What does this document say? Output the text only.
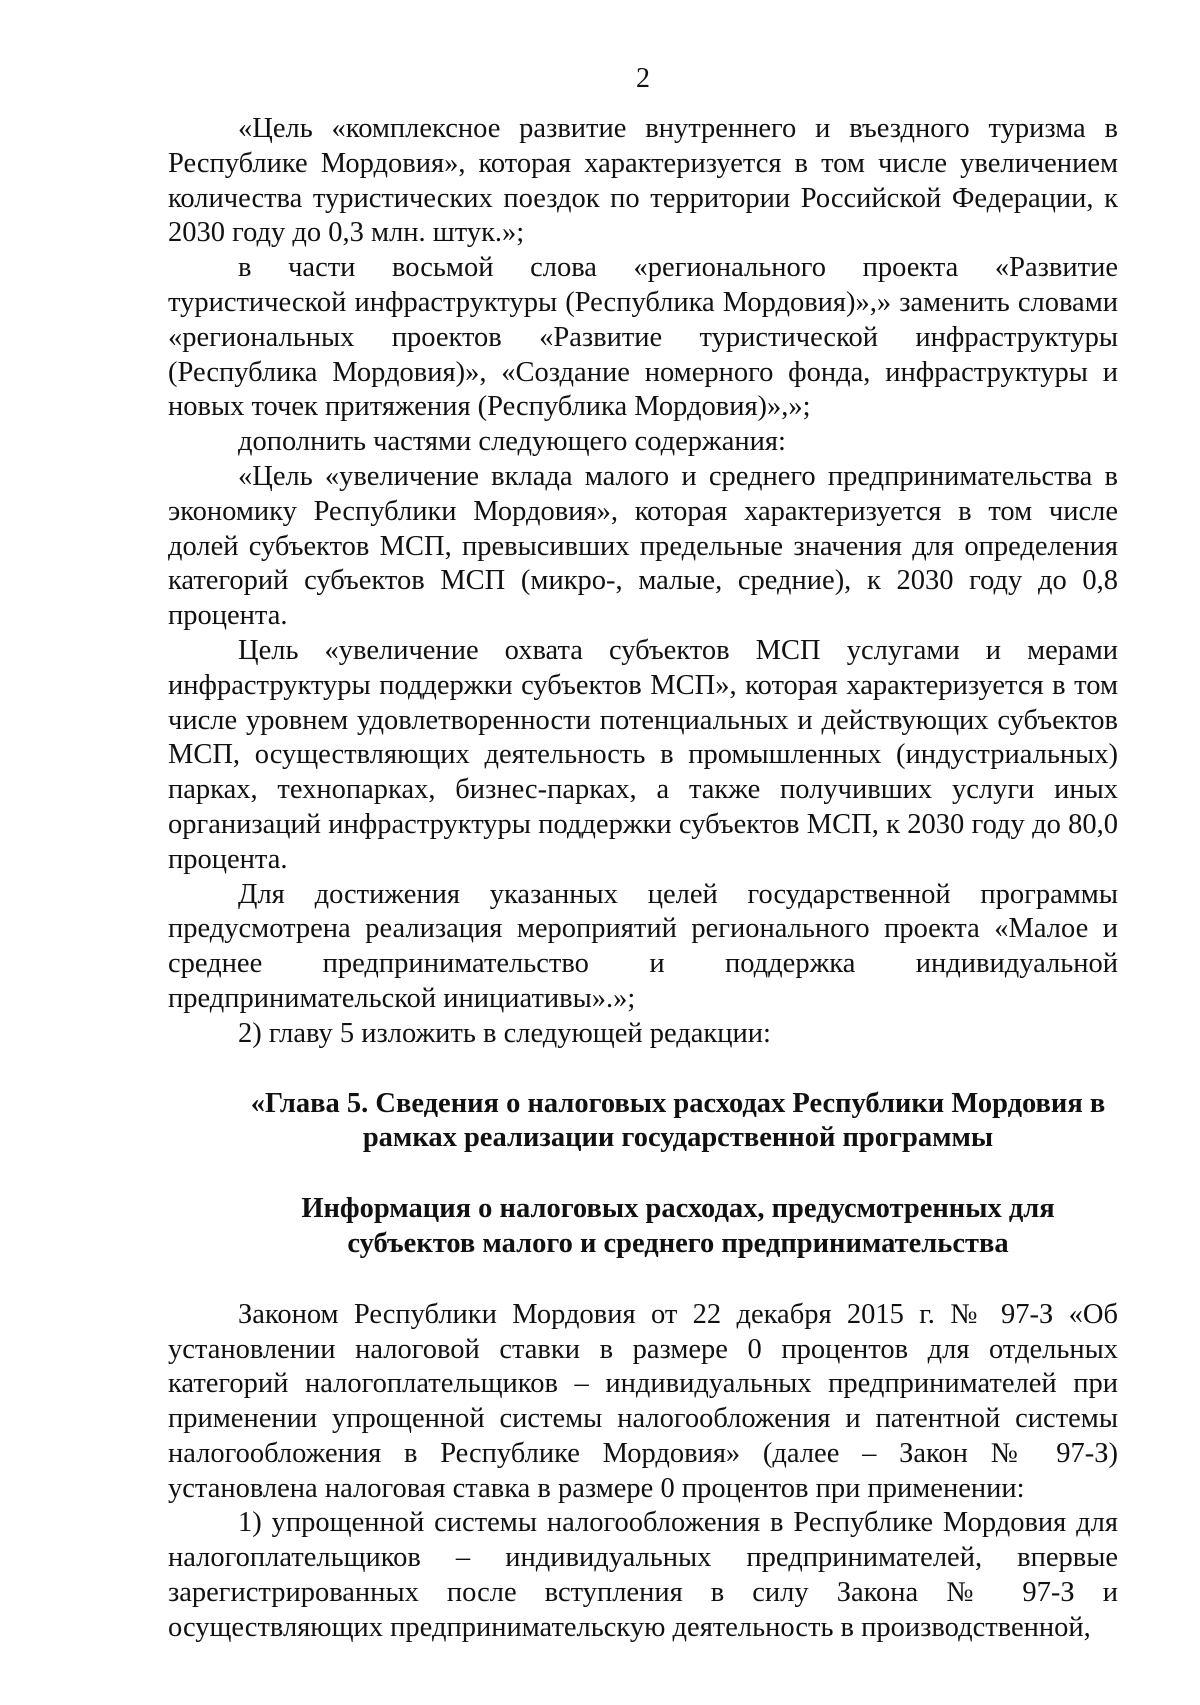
2

«Цель «комплексное развитие внутреннего и въездного туризма в Республике Мордовия», которая характеризуется в том числе увеличением количества туристических поездок по территории Российской Федерации, к 2030 году до 0,3 млн. штук.»;

в части восьмой слова «регионального проекта «Развитие туристической инфраструктуры (Республика Мордовия)»,» заменить словами «региональных проектов «Развитие туристической инфраструктуры (Республика Мордовия)», «Создание номерного фонда, инфраструктуры и новых точек притяжения (Республика Мордовия)»,»;

дополнить частями следующего содержания:

«Цель «увеличение вклада малого и среднего предпринимательства в экономику Республики Мордовия», которая характеризуется в том числе долей субъектов МСП, превысивших предельные значения для определения категорий субъектов МСП (микро-, малые, средние), к 2030 году до 0,8 процента.

Цель «увеличение охвата субъектов МСП услугами и мерами инфраструктуры поддержки субъектов МСП», которая характеризуется в том числе уровнем удовлетворенности потенциальных и действующих субъектов МСП, осуществляющих деятельность в промышленных (индустриальных) парках, технопарках, бизнес-парках, а также получивших услуги иных организаций инфраструктуры поддержки субъектов МСП, к 2030 году до 80,0 процента.

Для достижения указанных целей государственной программы предусмотрена реализация мероприятий регионального проекта «Малое и среднее предпринимательство и поддержка индивидуальной предпринимательской инициативы».»;

2) главу 5 изложить в следующей редакции:

«Глава 5. Сведения о налоговых расходах Республики Мордовия в рамках реализации государственной программы
Информация о налоговых расходах, предусмотренных для субъектов малого и среднего предпринимательства

Законом Республики Мордовия от 22 декабря 2015 г. № 97-З «Об установлении налоговой ставки в размере 0 процентов для отдельных категорий налогоплательщиков – индивидуальных предпринимателей при применении упрощенной системы налогообложения и патентной системы налогообложения в Республике Мордовия» (далее – Закон № 97-З) установлена налоговая ставка в размере 0 процентов при применении:

1) упрощенной системы налогообложения в Республике Мордовия для налогоплательщиков – индивидуальных предпринимателей, впервые зарегистрированных после вступления в силу Закона № 97-З и осуществляющих предпринимательскую деятельность в производственной,
